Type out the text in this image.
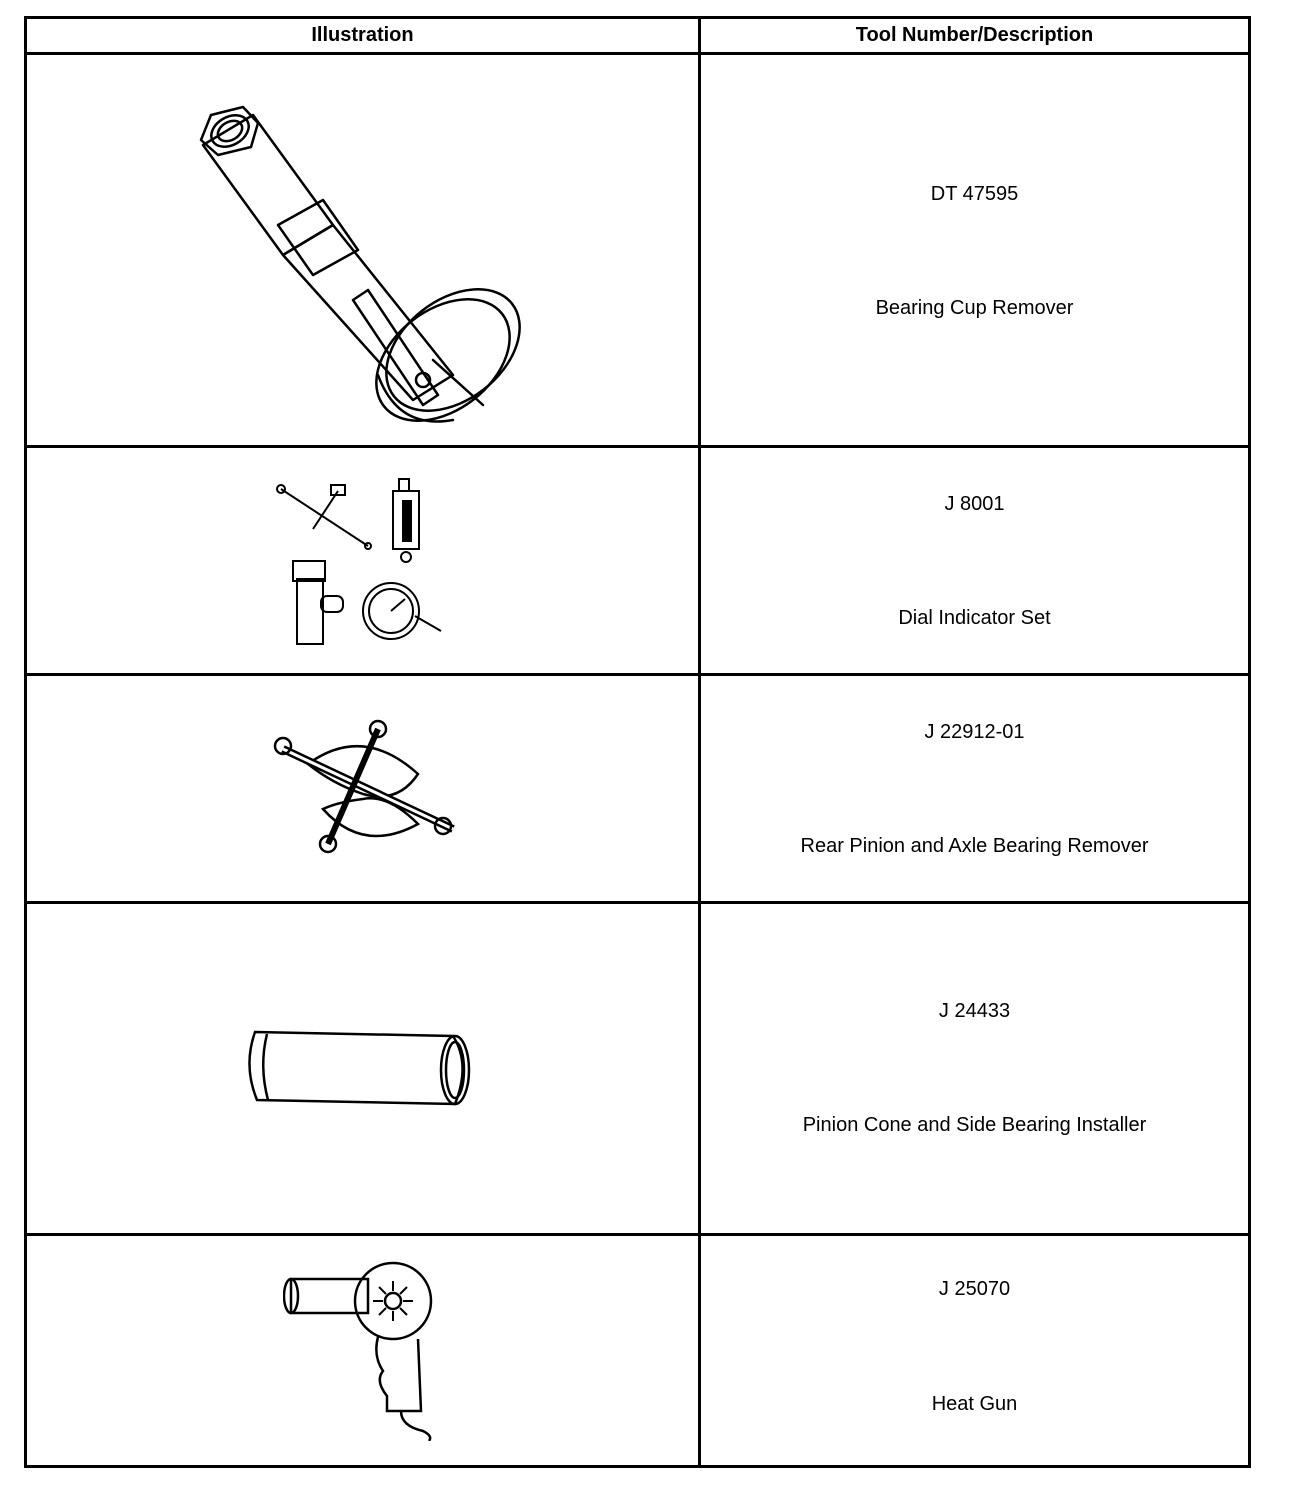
Illustration	Tool Number/Description

DT 47595
Bearing Cup Remover

J 8001
Dial Indicator Set

J 22912-01
Rear Pinion and Axle Bearing Remover

J 24433
Pinion Cone and Side Bearing Installer

J 25070
Heat Gun
